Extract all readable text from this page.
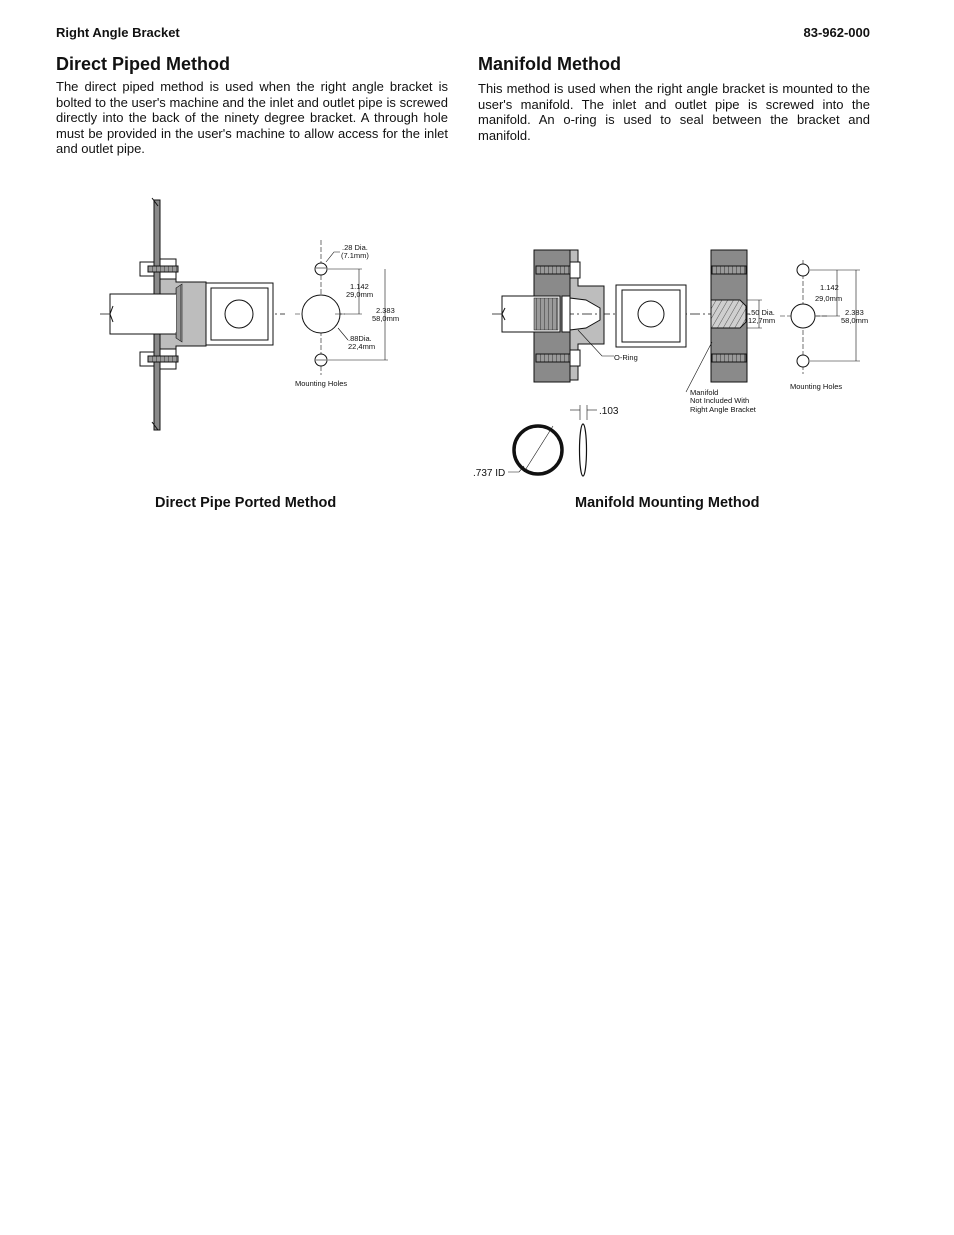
Right Angle Bracket	83-962-000
Direct Piped Method
The direct piped method is used when the right angle bracket is bolted to the user's machine and the inlet and outlet pipe is screwed directly into the back of the ninety degree bracket. A through hole must be provided in the user's machine to allow access for the inlet and outlet pipe.
Manifold Method
This method is used when the right angle bracket is mounted to the user's manifold. The inlet and outlet pipe is screwed into the manifold. An o-ring is used to seal between the bracket and manifold.
.28 Dia.
(7.1mm)
1.142
29,0mm
2.383
58,0mm
.88Dia.
22,4mm
Mounting Holes
O-Ring
Manifold
Not Included With
Right Angle Bracket
.50 Dia.
12,7mm
1.142
29,0mm
2.383
58,0mm
Mounting Holes
.103
.737 ID
Direct Pipe Ported Method	Manifold Mounting Method
